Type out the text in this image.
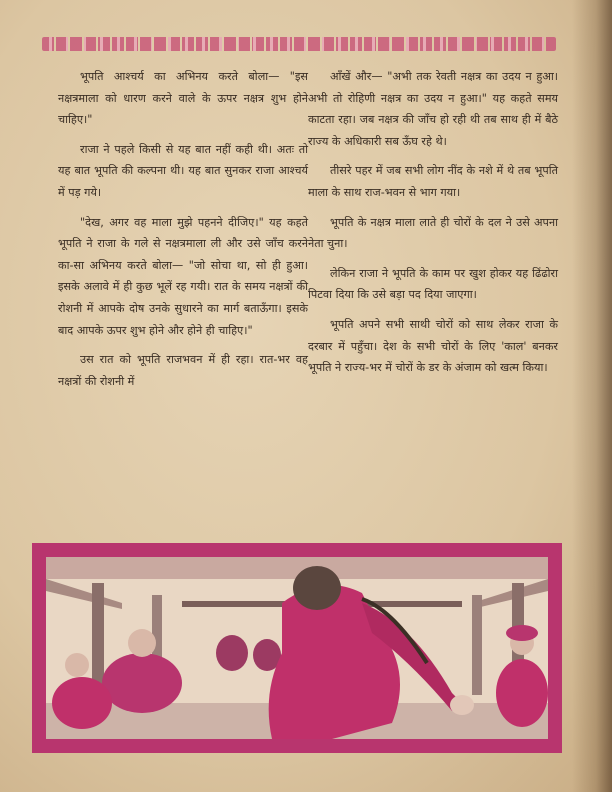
भूपति आश्चर्य का अभिनय करते बोला— "इस नक्षत्रमाला को धारण करने वाले के ऊपर नक्षत्र शुभ होने चाहिए।"

राजा ने पहले किसी से यह बात नहीं कही थी। अतः तो यह बात भूपति की कल्पना थी। यह बात सुनकर राजा आश्चर्य में पड़ गये।

"देख, अगर वह माला मुझे पहनने दीजिए।" यह कहते भूपति ने राजा के गले से नक्षत्रमाला ली और उसे जाँच करने का-सा अभिनय करते बोला— "जो सोचा था, सो ही हुआ। इसके अलावे में ही कुछ भूलें रह गयी। रात के समय नक्षत्रों की रोशनी में आपके दोष उनके सुधारने का मार्ग बताऊँगा। इसके बाद आपके ऊपर शुभ होने और होने ही चाहिए।"

उस रात को भूपति राजभवन में ही रहा। रात-भर वह नक्षत्रों की रोशनी में

आँखें और— "अभी तक रेवती नक्षत्र का उदय न हुआ। अभी तो रोहिणी नक्षत्र का उदय न हुआ।" यह कहते समय काटता रहा। जब नक्षत्र की जाँच हो रही थी तब साथ ही में बैठे राज्य के अधिकारी सब ऊँघ रहे थे।

तीसरे पहर में जब सभी लोग नींद के नशे में थे तब भूपति माला के साथ राज-भवन से भाग गया।

भूपति के नक्षत्र माला लाते ही चोरों के दल ने उसे अपना नेता चुना।

लेकिन राजा ने भूपति के काम पर खुश होकर यह ढिंढोरा पिटवा दिया कि उसे बड़ा पद दिया जाएगा।

भूपति अपने सभी साथी चोरों को साथ लेकर राजा के दरबार में पहुँचा। देश के सभी चोरों के लिए 'काल' बनकर भूपति ने राज्य-भर में चोरों के डर के अंजाम को खत्म किया।
